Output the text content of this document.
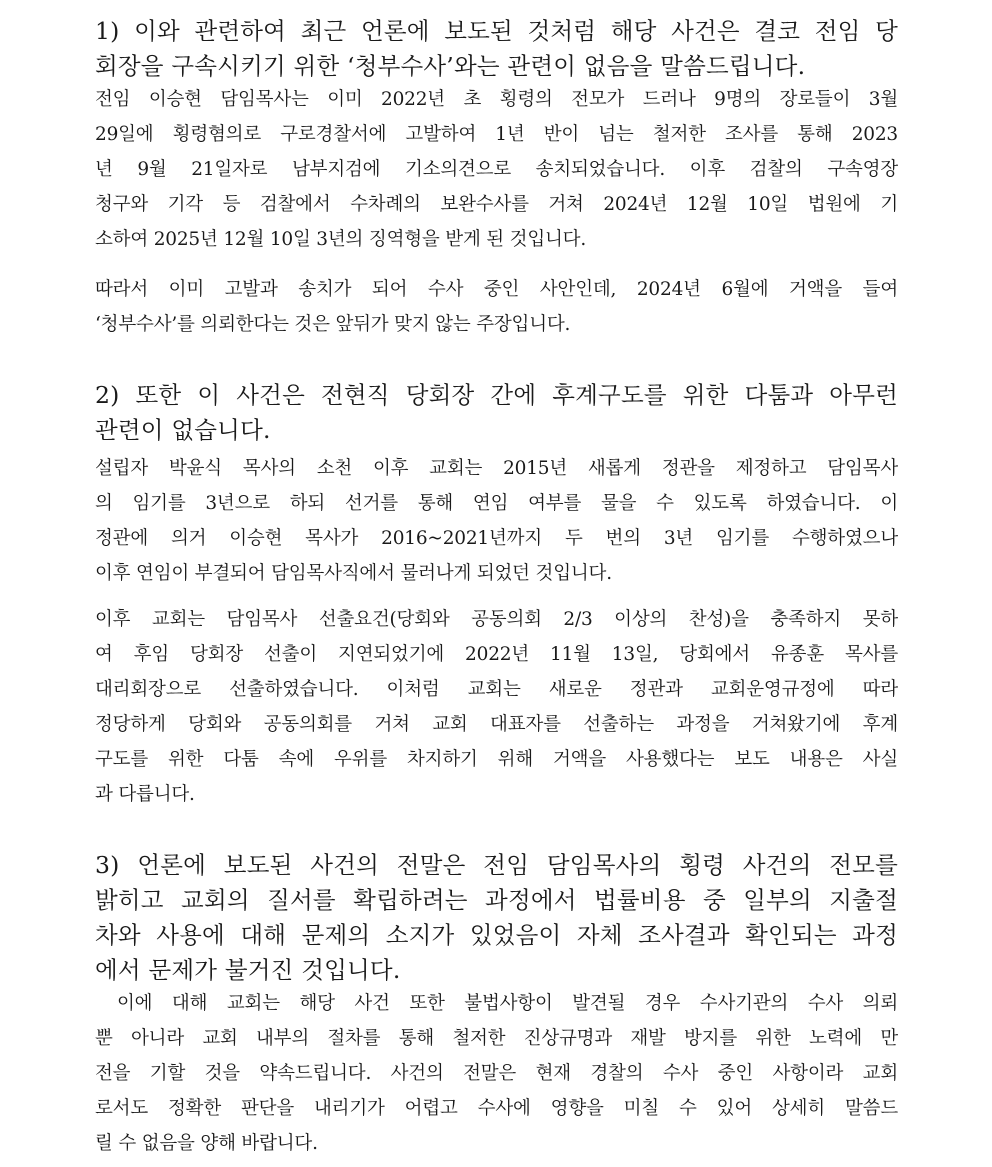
1) 이와 관련하여 최근 언론에 보도된 것처럼 해당 사건은 결코 전임 당
회장을 구속시키기 위한 ‘청부수사’와는 관련이 없음을 말씀드립니다.
전임 이승현 담임목사는 이미 2022년 초 횡령의 전모가 드러나 9명의 장로들이 3월
29일에 횡령혐의로 구로경찰서에 고발하여 1년 반이 넘는 철저한 조사를 통해 2023
년 9월 21일자로 남부지검에 기소의견으로 송치되었습니다. 이후 검찰의 구속영장
청구와 기각 등 검찰에서 수차례의 보완수사를 거쳐 2024년 12월 10일 법원에 기
소하여 2025년 12월 10일 3년의 징역형을 받게 된 것입니다.
따라서 이미 고발과 송치가 되어 수사 중인 사안인데, 2024년 6월에 거액을 들여
‘청부수사’를 의뢰한다는 것은 앞뒤가 맞지 않는 주장입니다.
2) 또한 이 사건은 전현직 당회장 간에 후계구도를 위한 다툼과 아무런
관련이 없습니다.
설립자 박윤식 목사의 소천 이후 교회는 2015년 새롭게 정관을 제정하고 담임목사
의 임기를 3년으로 하되 선거를 통해 연임 여부를 물을 수 있도록 하였습니다. 이
정관에 의거 이승현 목사가 2016~2021년까지 두 번의 3년 임기를 수행하였으나
이후 연임이 부결되어 담임목사직에서 물러나게 되었던 것입니다.
이후 교회는 담임목사 선출요건(당회와 공동의회 2/3 이상의 찬성)을 충족하지 못하
여 후임 당회장 선출이 지연되었기에 2022년 11월 13일, 당회에서 유종훈 목사를
대리회장으로 선출하였습니다. 이처럼 교회는 새로운 정관과 교회운영규정에 따라
정당하게 당회와 공동의회를 거쳐 교회 대표자를 선출하는 과정을 거쳐왔기에 후계
구도를 위한 다툼 속에 우위를 차지하기 위해 거액을 사용했다는 보도 내용은 사실
과 다릅니다.
3) 언론에 보도된 사건의 전말은 전임 담임목사의 횡령 사건의 전모를
밝히고 교회의 질서를 확립하려는 과정에서 법률비용 중 일부의 지출절
차와 사용에 대해 문제의 소지가 있었음이 자체 조사결과 확인되는 과정
에서 문제가 불거진 것입니다.
이에 대해 교회는 해당 사건 또한 불법사항이 발견될 경우 수사기관의 수사 의뢰
뿐 아니라 교회 내부의 절차를 통해 철저한 진상규명과 재발 방지를 위한 노력에 만
전을 기할 것을 약속드립니다. 사건의 전말은 현재 경찰의 수사 중인 사항이라 교회
로서도 정확한 판단을 내리기가 어렵고 수사에 영향을 미칠 수 있어 상세히 말씀드
릴 수 없음을 양해 바랍니다.
